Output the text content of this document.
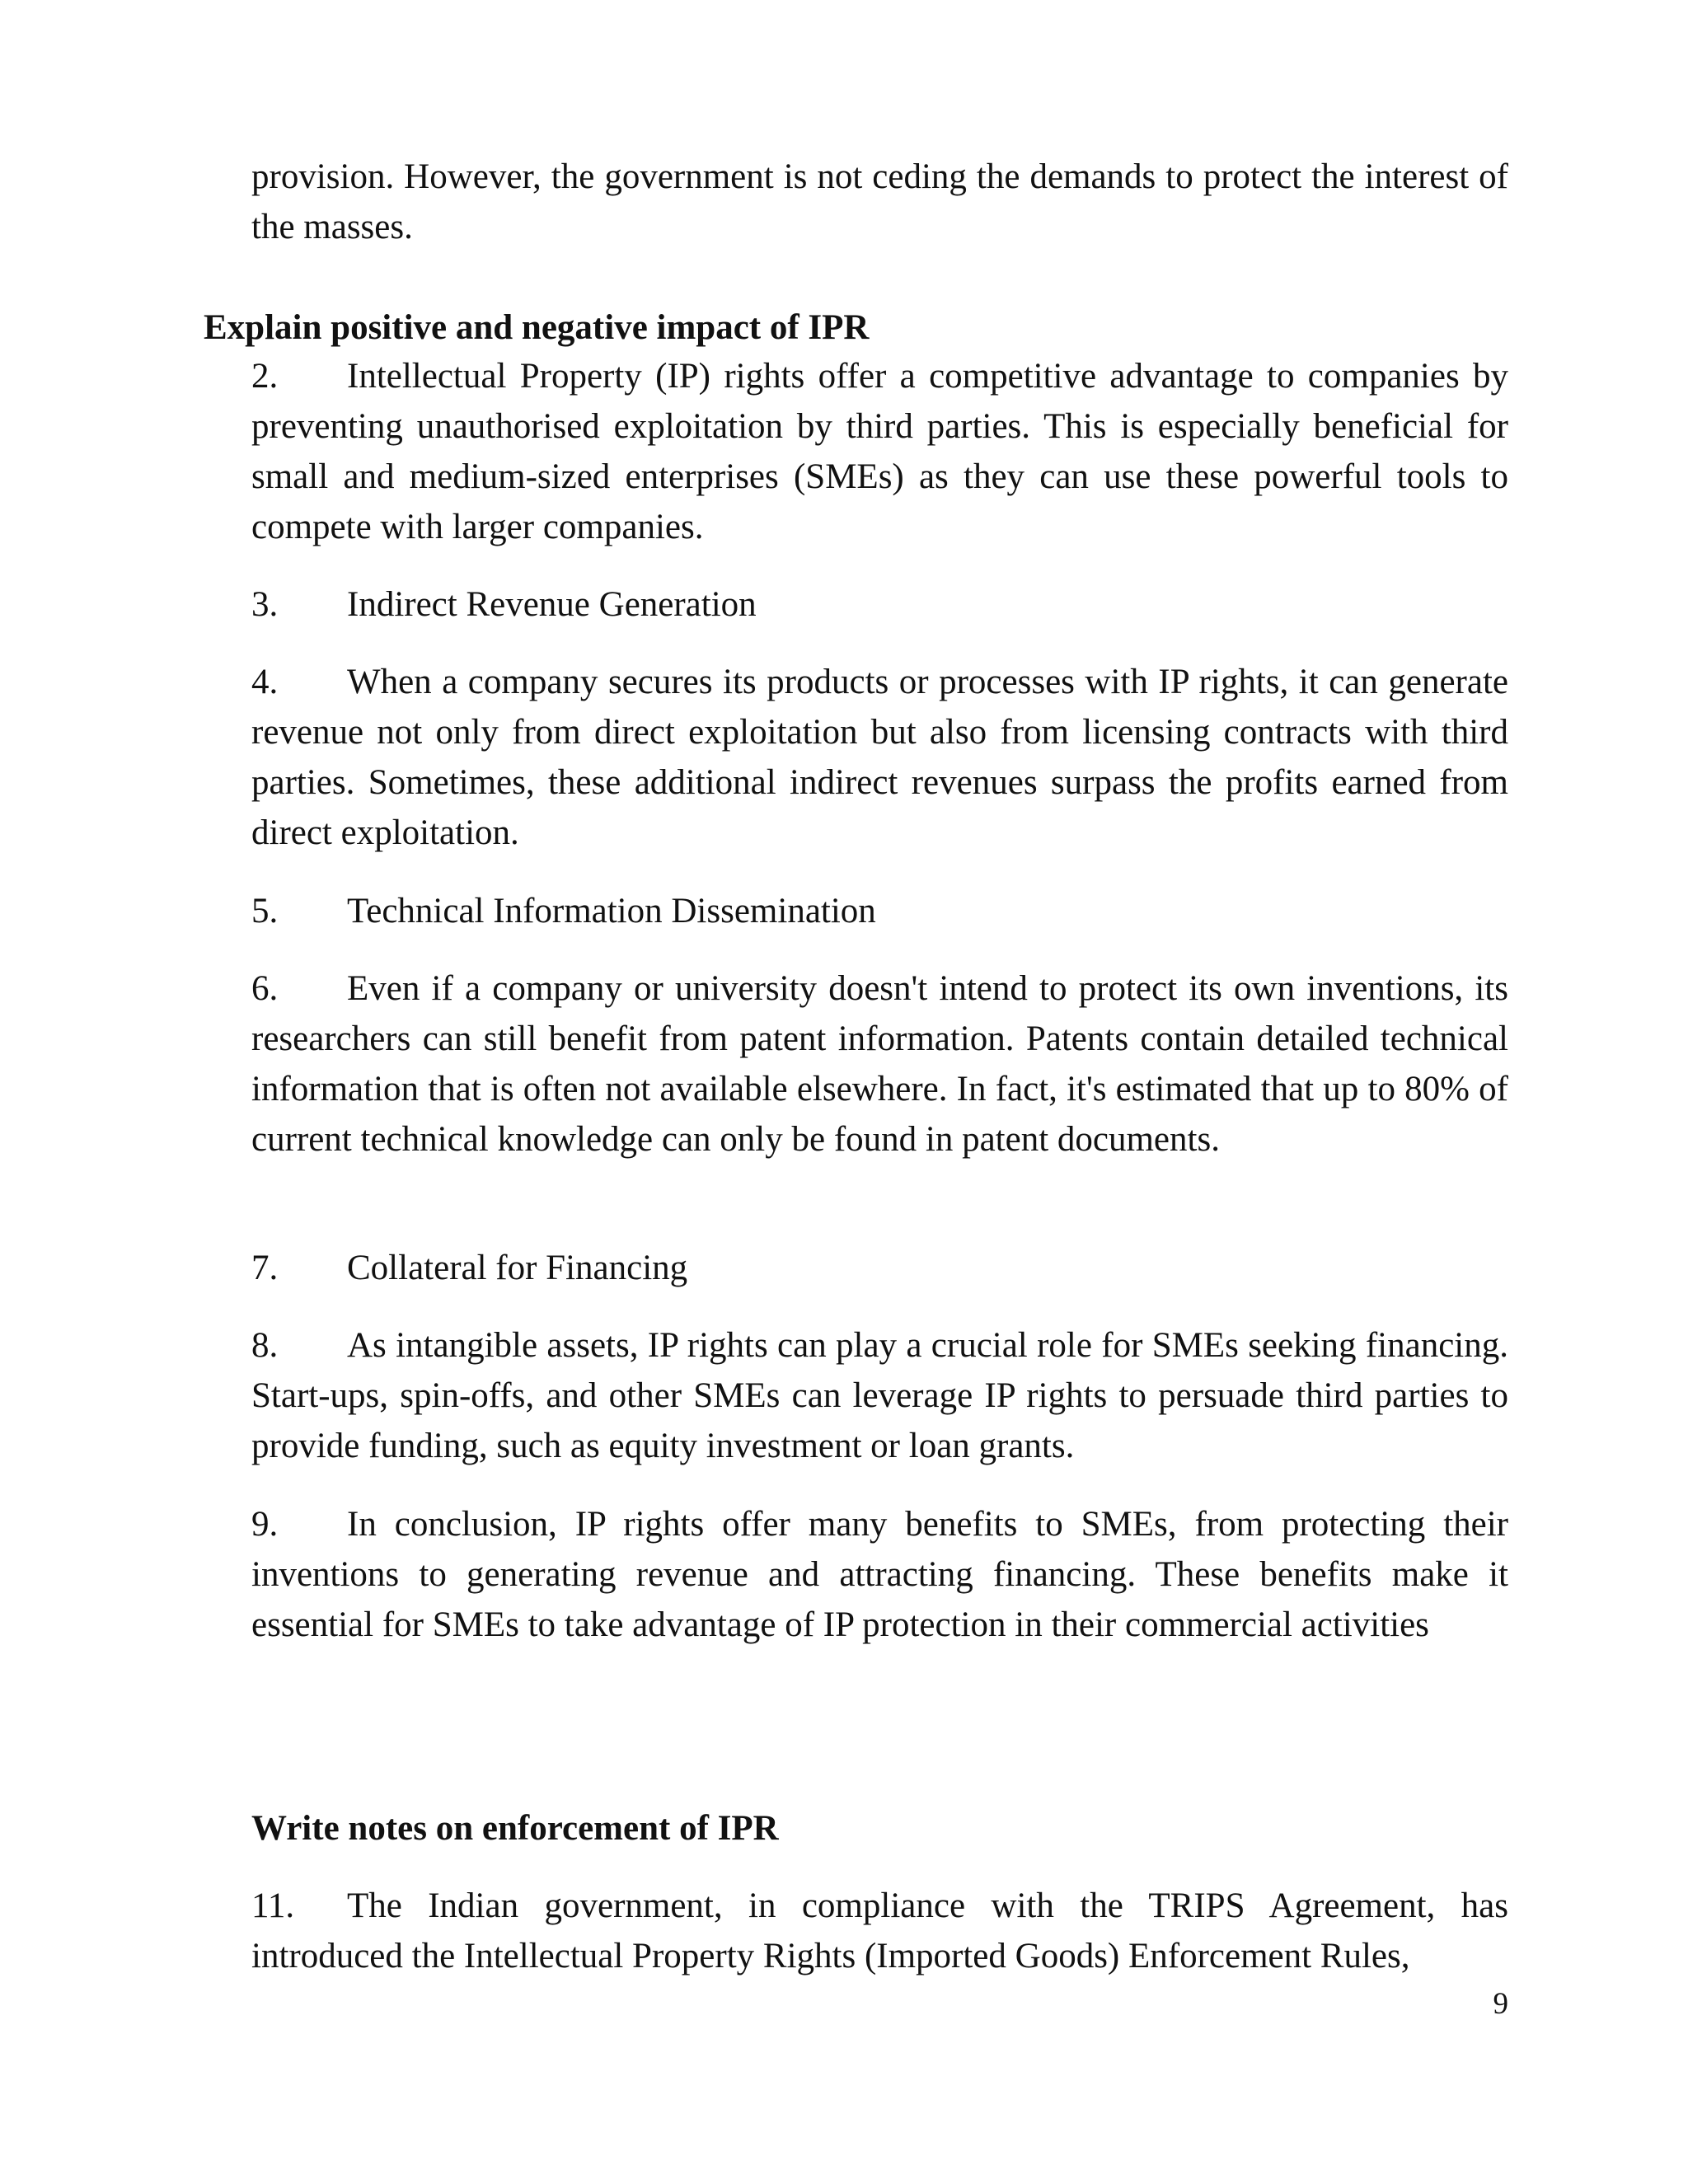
provision. However, the government is not ceding the demands to protect the interest of the masses.

Explain positive and negative impact of IPR

2. Intellectual Property (IP) rights offer a competitive advantage to companies by preventing unauthorised exploitation by third parties. This is especially beneficial for small and medium-sized enterprises (SMEs) as they can use these powerful tools to compete with larger companies.

3. Indirect Revenue Generation

4. When a company secures its products or processes with IP rights, it can generate revenue not only from direct exploitation but also from licensing contracts with third parties. Sometimes, these additional indirect revenues surpass the profits earned from direct exploitation.

5. Technical Information Dissemination

6. Even if a company or university doesn't intend to protect its own inventions, its researchers can still benefit from patent information. Patents contain detailed technical information that is often not available elsewhere. In fact, it's estimated that up to 80% of current technical knowledge can only be found in patent documents.

7. Collateral for Financing

8. As intangible assets, IP rights can play a crucial role for SMEs seeking financing. Start-ups, spin-offs, and other SMEs can leverage IP rights to persuade third parties to provide funding, such as equity investment or loan grants.

9. In conclusion, IP rights offer many benefits to SMEs, from protecting their inventions to generating revenue and attracting financing. These benefits make it essential for SMEs to take advantage of IP protection in their commercial activities

Write notes on enforcement of IPR

11. The Indian government, in compliance with the TRIPS Agreement, has introduced the Intellectual Property Rights (Imported Goods) Enforcement Rules,

9
